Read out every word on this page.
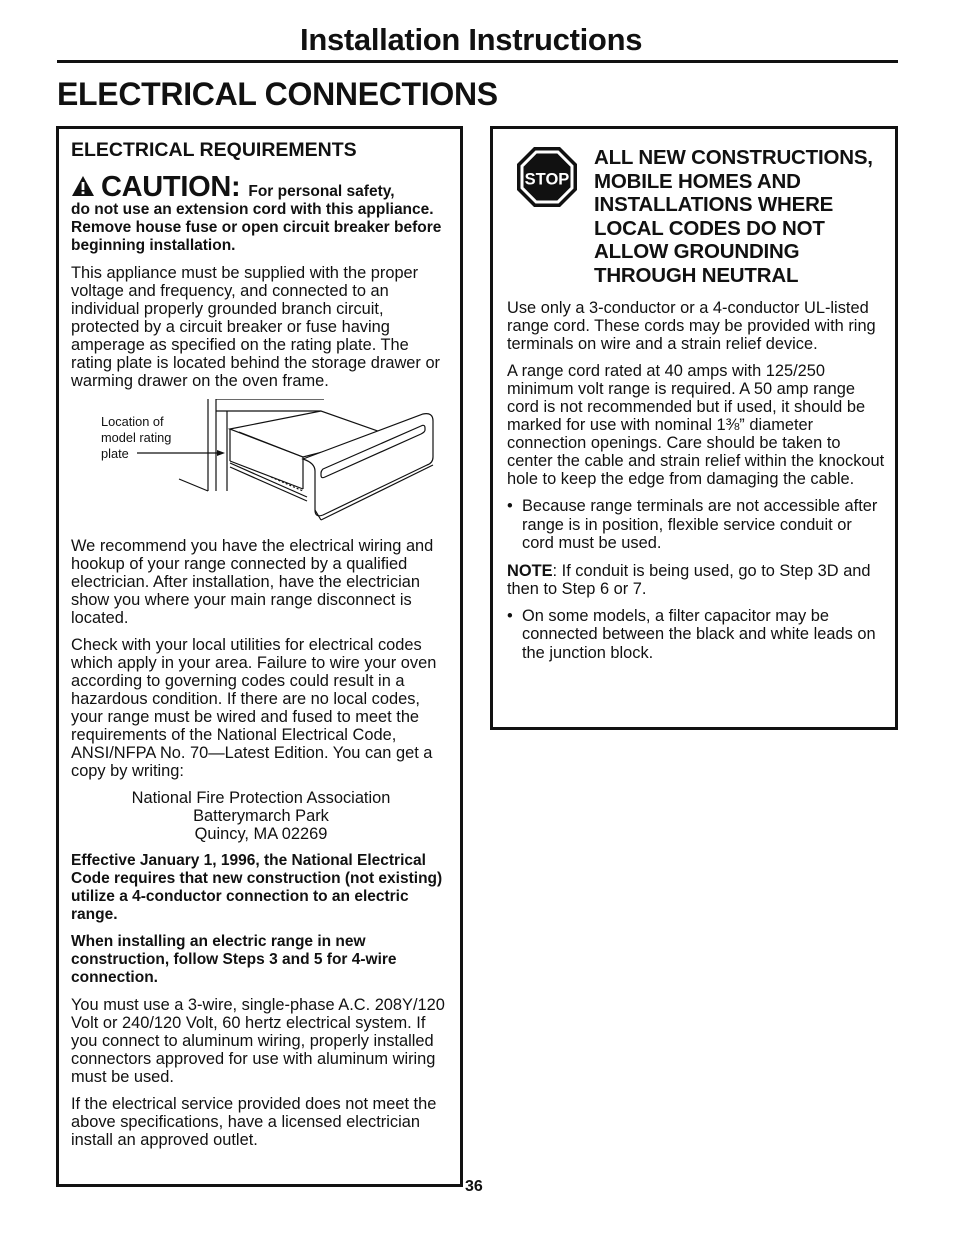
Installation Instructions
ELECTRICAL CONNECTIONS
ELECTRICAL REQUIREMENTS
CAUTION: For personal safety,
do not use an extension cord with this appliance. Remove house fuse or open circuit breaker before beginning installation.

This appliance must be supplied with the proper voltage and frequency, and connected to an individual properly grounded branch circuit, protected by a circuit breaker or fuse having amperage as specified on the rating plate. The rating plate is located behind the storage drawer or warming drawer on the oven frame.

Location of
model rating
plate

We recommend you have the electrical wiring and hookup of your range connected by a qualified electrician. After installation, have the electrician show you where your main range disconnect is located.

Check with your local utilities for electrical codes which apply in your area. Failure to wire your oven according to governing codes could result in a hazardous condition. If there are no local codes, your range must be wired and fused to meet the requirements of the National Electrical Code, ANSI/NFPA No. 70—Latest Edition. You can get a copy by writing:

National Fire Protection Association

Batterymarch Park

Quincy, MA 02269

Effective January 1, 1996, the National Electrical Code requires that new construction (not existing) utilize a 4-conductor connection to an electric range.
When installing an electric range in new construction, follow Steps 3 and 5 for 4-wire connection.

You must use a 3-wire, single-phase A.C. 208Y/120 Volt or 240/120 Volt, 60 hertz electrical system. If you connect to aluminum wiring, properly installed connectors approved for use with aluminum wiring must be used.

If the electrical service provided does not meet the above specifications, have a licensed electrician install an approved outlet.

STOP
ALL NEW CONSTRUCTIONS,
MOBILE HOMES AND
INSTALLATIONS WHERE
LOCAL CODES DO NOT
ALLOW GROUNDING
THROUGH NEUTRAL

Use only a 3-conductor or a 4-conductor UL-listed range cord. These cords may be provided with ring terminals on wire and a strain relief device.

A range cord rated at 40 amps with 125/250 minimum volt range is required. A 50 amp range cord is not recommended but if used, it should be marked for use with nominal 1⅜” diameter connection openings. Care should be taken to center the cable and strain relief within the knockout hole to keep the edge from damaging the cable.

• Because range terminals are not accessible after range is in position, flexible service conduit or cord must be used.

NOTE: If conduit is being used, go to Step 3D and then to Step 6 or 7.

• On some models, a filter capacitor may be connected between the black and white leads on the junction block.
36
